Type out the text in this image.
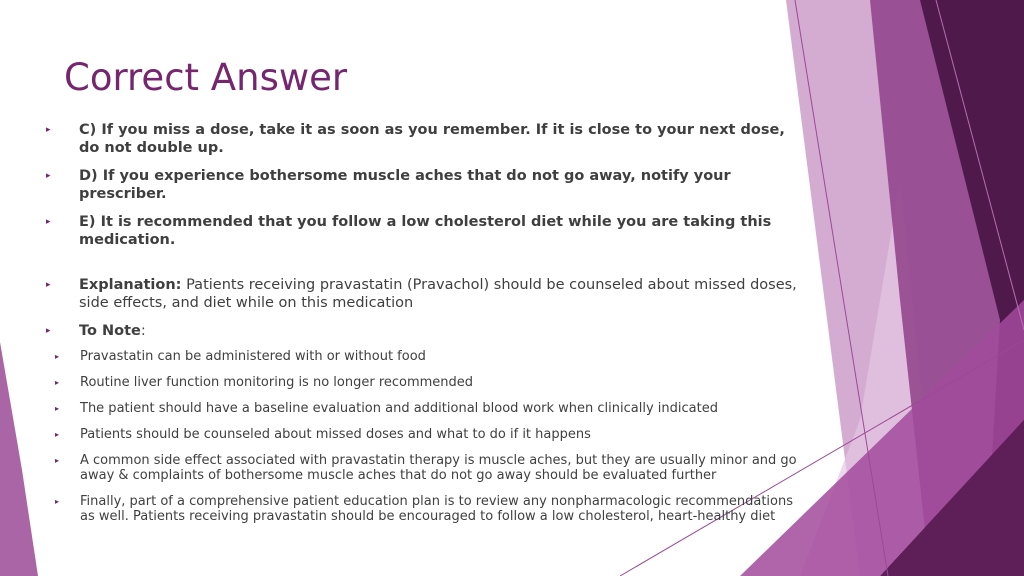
Correct Answer
▸ C) If you miss a dose, take it as soon as you remember. If it is close to your next dose, do not double up.
▸ D) If you experience bothersome muscle aches that do not go away, notify your prescriber.
▸ E) It is recommended that you follow a low cholesterol diet while you are taking this medication.
▸ Explanation: Patients receiving pravastatin (Pravachol) should be counseled about missed doses, side effects, and diet while on this medication
▸ To Note:
▸ Pravastatin can be administered with or without food
▸ Routine liver function monitoring is no longer recommended
▸ The patient should have a baseline evaluation and additional blood work when clinically indicated
▸ Patients should be counseled about missed doses and what to do if it happens
▸ A common side effect associated with pravastatin therapy is muscle aches, but they are usually minor and go away & complaints of bothersome muscle aches that do not go away should be evaluated further
▸ Finally, part of a comprehensive patient education plan is to review any nonpharmacologic recommendations as well. Patients receiving pravastatin should be encouraged to follow a low cholesterol, heart-healthy diet
